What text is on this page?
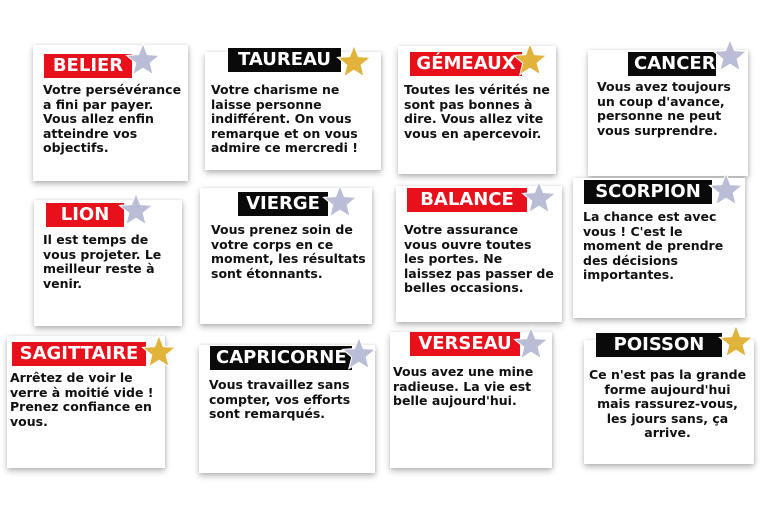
BELIER
Votre persévérance a fini par payer. Vous allez enfin atteindre vos objectifs.
TAUREAU
Votre charisme ne laisse personne indifférent. On vous remarque et on vous admire ce mercredi !
GÉMEAUX
Toutes les vérités ne sont pas bonnes à dire. Vous allez vite vous en apercevoir.
CANCER
Vous avez toujours un coup d'avance, personne ne peut vous surprendre.
LION
Il est temps de vous projeter. Le meilleur reste à venir.
VIERGE
Vous prenez soin de votre corps en ce moment, les résultats sont étonnants.
BALANCE
Votre assurance vous ouvre toutes les portes. Ne laissez pas passer de belles occasions.
SCORPION
La chance est avec vous ! C'est le moment de prendre des décisions importantes.
SAGITTAIRE
Arrêtez de voir le verre à moitié vide ! Prenez confiance en vous.
CAPRICORNE
Vous travaillez sans compter, vos efforts sont remarqués.
VERSEAU
Vous avez une mine radieuse. La vie est belle aujourd'hui.
POISSON
Ce n'est pas la grande forme aujourd'hui mais rassurez-vous, les jours sans, ça arrive.
